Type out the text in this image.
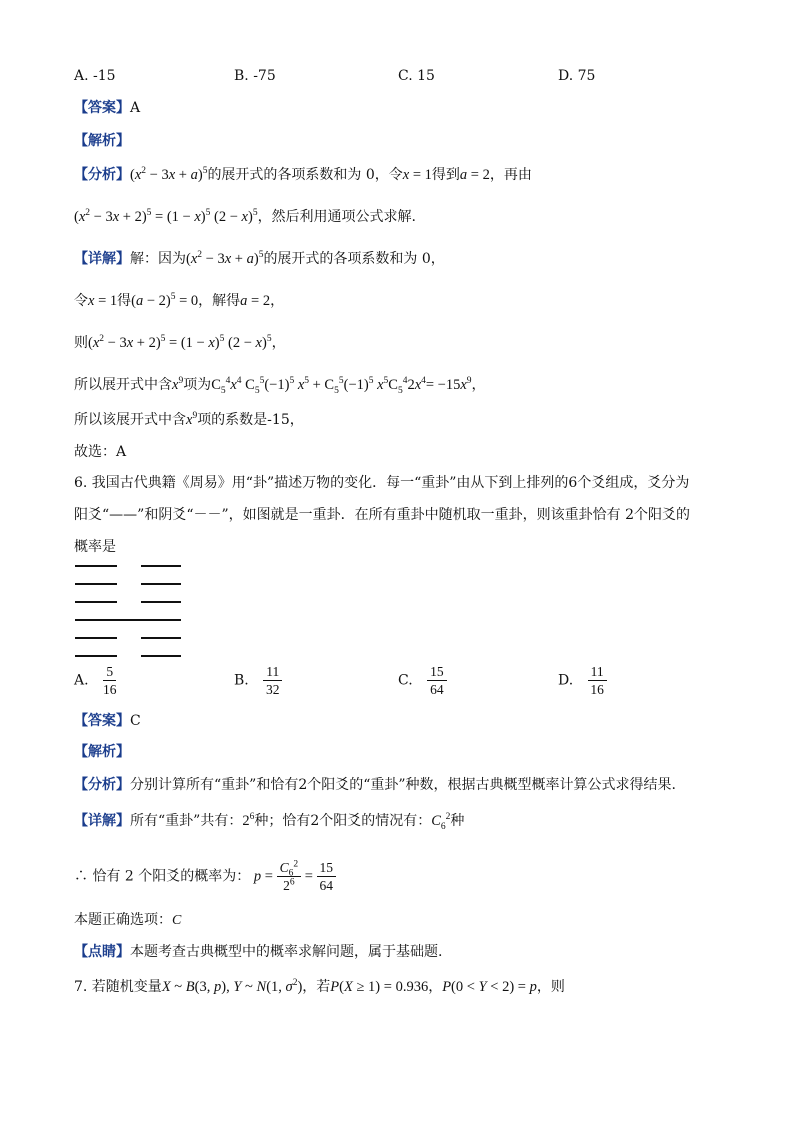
A. -15	B. -75	C. 15	D. 75
【答案】A
【解析】
【分析】$(x^2 - 3x + a)^5$的展开式的各项系数和为 0，令x = 1得到a = 2，再由
$(x^2 - 3x + 2)^5 = (1 - x)^5$ $(2 - x)^5$，然后利用通项公式求解.
【详解】解：因为$(x^2 - 3x + a)^5$的展开式的各项系数和为 0，
令x = 1得$(a - 2)^5 = 0$，解得a = 2，
则$(x^2 - 3x + 2)^5 = (1 - x)^5$ $(2 - x)^5$，
所以展开式中含$x^9$项为$C_5^4x^4$ $C_5^5(-1)^5$ $x^5 + C_5^5(-1)^5$ $x^5C_5^42x^4= -15x^9$，
所以该展开式中含$x^9$项的系数是-15，
故选：A
6. 我国古代典籍《周易》用“卦”描述万物的变化．每一“重卦”由从下到上排列的6个爻组成，爻分为
阳爻“——”和阴爻“－－”，如图就是一重卦．在所有重卦中随机取一重卦，则该重卦恰有 2个阳爻的
概率是
A. $\frac{5}{16}$	B. $\frac{11}{32}$	C. $\frac{15}{64}$	D. $\frac{11}{16}$
【答案】C
【解析】
【分析】分别计算所有“重卦”和恰有2个阳爻的“重卦”种数，根据古典概型概率计算公式求得结果.
【详解】所有“重卦”共有：$2^6$种；恰有2个阳爻的情况有：$C_6^2$种
∴ 恰有 2 个阳爻的概率为： $p = \frac{C_6^2}{2^6} = \frac{15}{64}$
本题正确选项：C
【点睛】本题考查古典概型中的概率求解问题，属于基础题.
7. 若随机变量X ~ B(3, p), Y ~ N(1, $\sigma^2$)，若P(X ≥ 1) = 0.936，P(0 < Y < 2) = p，则
